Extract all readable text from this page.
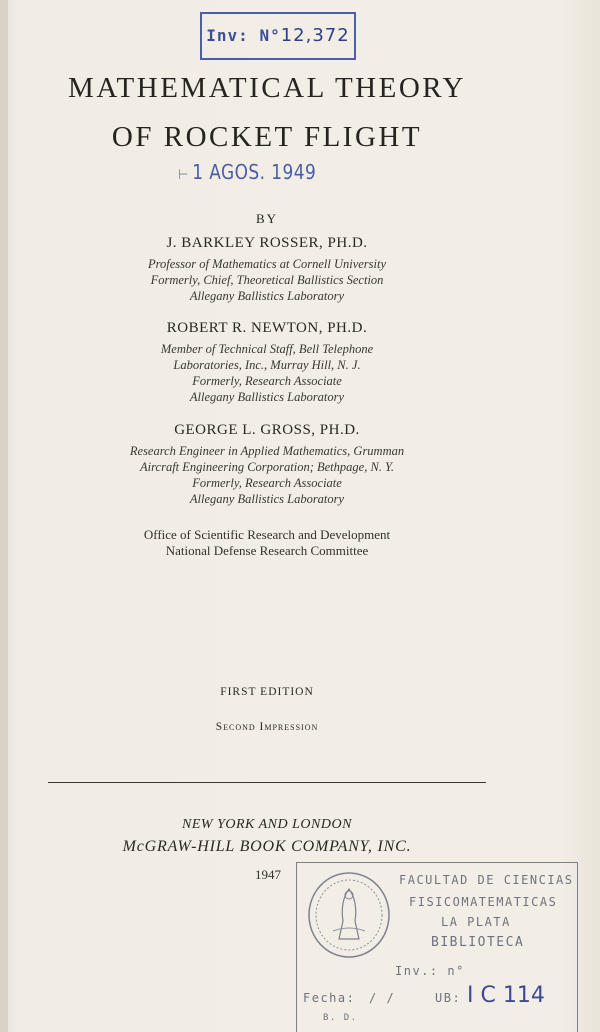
Inv: N°12,372
MATHEMATICAL THEORY
OF ROCKET FLIGHT
⊢ 1 AGOS. 1949
BY
J. BARKLEY ROSSER, PH.D.
Professor of Mathematics at Cornell University
Formerly, Chief, Theoretical Ballistics Section
Allegany Ballistics Laboratory
ROBERT R. NEWTON, PH.D.
Member of Technical Staff, Bell Telephone
Laboratories, Inc., Murray Hill, N. J.
Formerly, Research Associate
Allegany Ballistics Laboratory
GEORGE L. GROSS, PH.D.
Research Engineer in Applied Mathematics, Grumman
Aircraft Engineering Corporation; Bethpage, N. Y.
Formerly, Research Associate
Allegany Ballistics Laboratory
Office of Scientific Research and Development
National Defense Research Committee
FIRST EDITION
Second Impression
NEW YORK AND LONDON
McGRAW-HILL BOOK COMPANY, INC.
1947	FACULTAD DE CIENCIAS
FISICOMATEMATICAS
LA PLATA
BIBLIOTECA
Inv.: n°
Fecha: / /	UB: I C 114
B. D.
